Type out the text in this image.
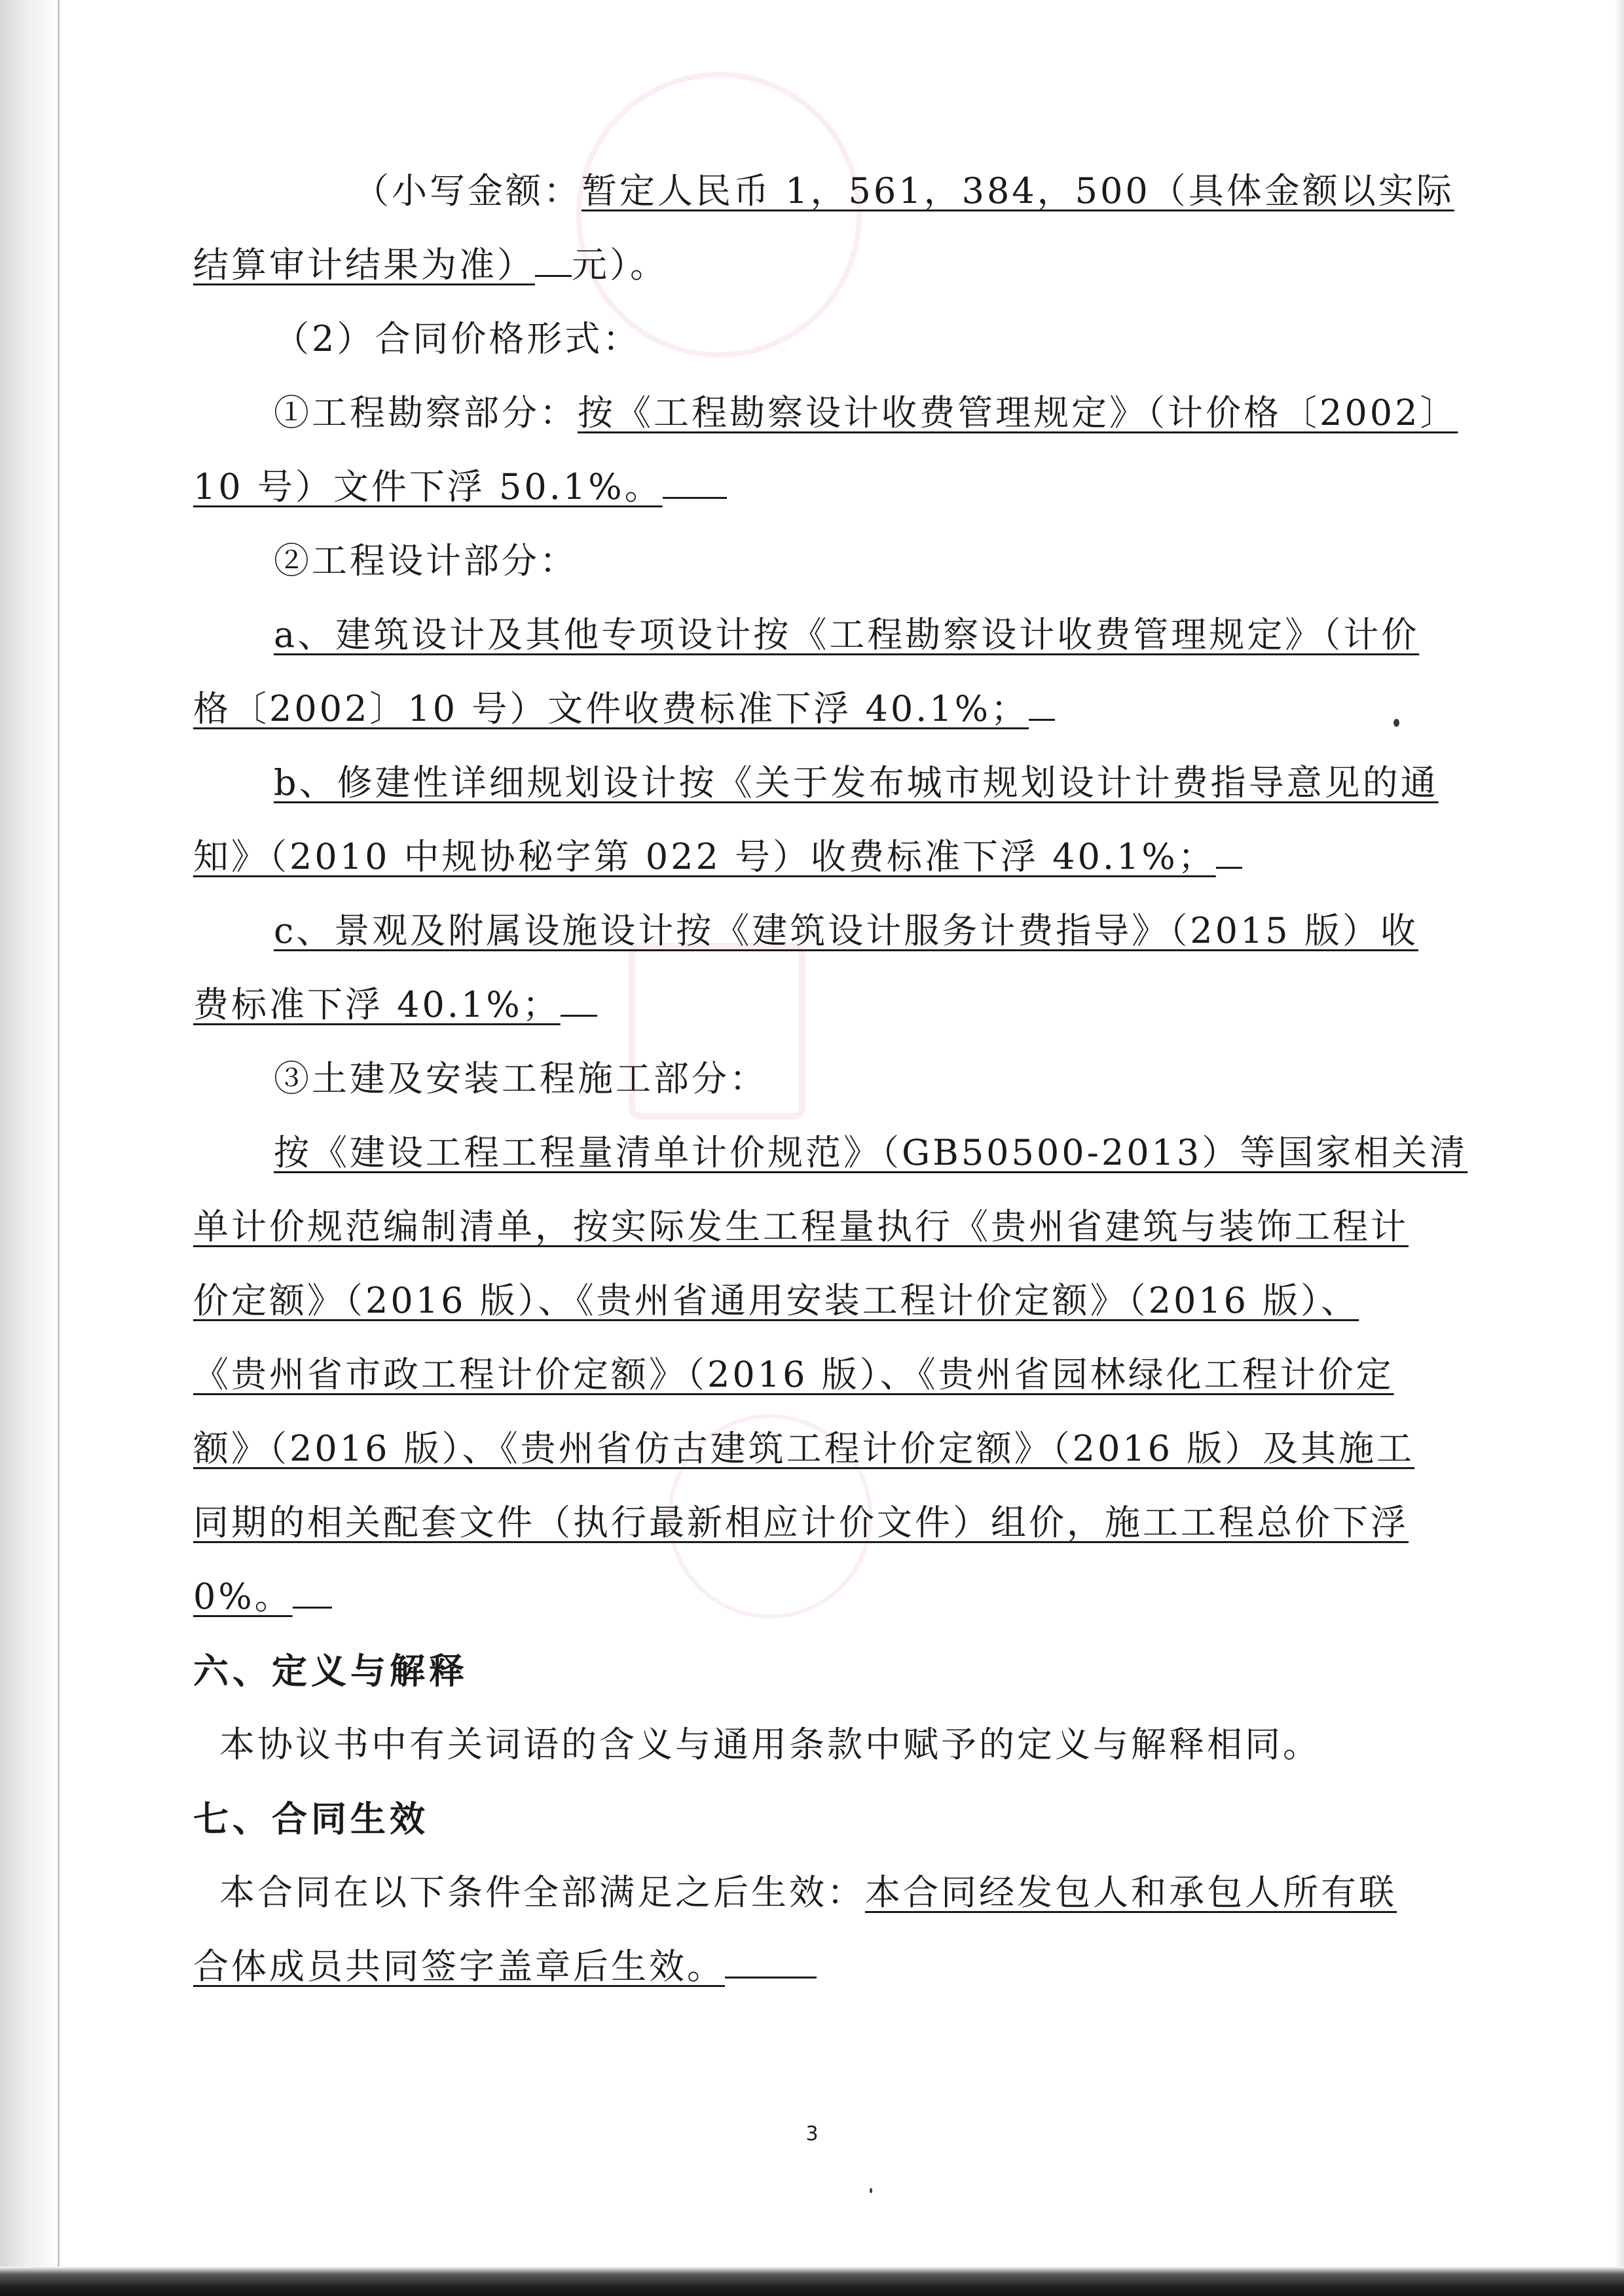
（小写金额：暂定人民币 1，561，384，500（具体金额以实际
结算审计结果为准） 元）。
（2）合同价格形式：
①工程勘察部分：按《工程勘察设计收费管理规定》（计价格〔2002〕
10 号）文件下浮 50.1%。
②工程设计部分：
a、建筑设计及其他专项设计按《工程勘察设计收费管理规定》（计价
格〔2002〕10 号）文件收费标准下浮 40.1%；
b、修建性详细规划设计按《关于发布城市规划设计计费指导意见的通
知》（2010 中规协秘字第 022 号）收费标准下浮 40.1%；
c、景观及附属设施设计按《建筑设计服务计费指导》（2015 版）收
费标准下浮 40.1%；
③土建及安装工程施工部分：
按《建设工程工程量清单计价规范》（GB50500-2013）等国家相关清
单计价规范编制清单，按实际发生工程量执行《贵州省建筑与装饰工程计
价定额》（2016 版）、《贵州省通用安装工程计价定额》（2016 版）、
《贵州省市政工程计价定额》（2016 版）、《贵州省园林绿化工程计价定
额》（2016 版）、《贵州省仿古建筑工程计价定额》（2016 版）及其施工
同期的相关配套文件（执行最新相应计价文件）组价，施工工程总价下浮
0%。
六、定义与解释
本协议书中有关词语的含义与通用条款中赋予的定义与解释相同。
七、合同生效
本合同在以下条件全部满足之后生效：本合同经发包人和承包人所有联
合体成员共同签字盖章后生效。
3
